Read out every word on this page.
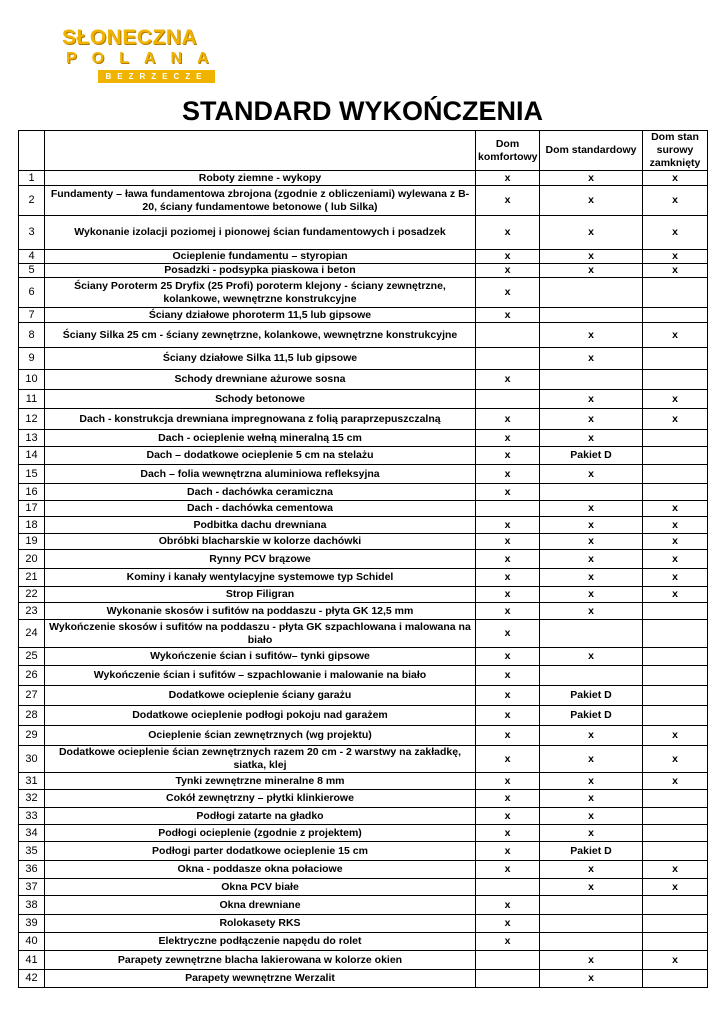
SŁONECZNA
POLANA
BEZRZECZE
STANDARD WYKOŃCZENIA
		Dom komfortowy	Dom standardowy	Dom stan surowy zamknięty
1	Roboty ziemne - wykopy	x	x	x
2	Fundamenty – ława fundamentowa zbrojona (zgodnie z obliczeniami) wylewana z B-20, ściany fundamentowe betonowe ( lub Silka)	x	x	x
3	Wykonanie izolacji poziomej i pionowej ścian fundamentowych i posadzek	x	x	x
4	Ocieplenie fundamentu – styropian	x	x	x
5	Posadzki - podsypka piaskowa i beton	x	x	x
6	Ściany Poroterm 25 Dryfix (25 Profi) poroterm klejony - ściany zewnętrzne, kolankowe, wewnętrzne konstrukcyjne	x		
7	Ściany działowe phoroterm 11,5 lub gipsowe	x		
8	Ściany Silka 25 cm - ściany zewnętrzne, kolankowe, wewnętrzne konstrukcyjne		x	x
9	Ściany działowe Silka 11,5 lub gipsowe		x	
10	Schody drewniane ażurowe sosna	x		
11	Schody betonowe		x	x
12	Dach - konstrukcja drewniana impregnowana z folią paraprzepuszczalną	x	x	x
13	Dach - ocieplenie wełną mineralną 15 cm	x	x	
14	Dach – dodatkowe ocieplenie 5 cm na stelażu	x	Pakiet D	
15	Dach – folia wewnętrzna aluminiowa refleksyjna	x	x	
16	Dach - dachówka ceramiczna	x		
17	Dach - dachówka cementowa		x	x
18	Podbitka dachu drewniana	x	x	x
19	Obróbki blacharskie w kolorze dachówki	x	x	x
20	Rynny PCV brązowe	x	x	x
21	Kominy i kanały wentylacyjne systemowe typ Schidel	x	x	x
22	Strop Filigran	x	x	x
23	Wykonanie skosów i sufitów na poddaszu - płyta GK 12,5 mm	x	x	
24	Wykończenie skosów i sufitów na poddaszu - płyta GK szpachlowana i malowana na biało	x		
25	Wykończenie ścian i sufitów– tynki gipsowe	x	x	
26	Wykończenie ścian i sufitów – szpachlowanie i malowanie na biało	x		
27	Dodatkowe ocieplenie ściany garażu	x	Pakiet D	
28	Dodatkowe ocieplenie podłogi pokoju nad garażem	x	Pakiet D	
29	Ocieplenie ścian zewnętrznych (wg projektu)	x	x	x
30	Dodatkowe ocieplenie ścian zewnętrznych razem 20 cm - 2 warstwy na zakładkę, siatka, klej	x	x	x
31	Tynki zewnętrzne mineralne 8 mm	x	x	x
32	Cokół zewnętrzny – płytki klinkierowe	x	x	
33	Podłogi zatarte na gładko	x	x	
34	Podłogi ocieplenie (zgodnie z projektem)	x	x	
35	Podłogi parter dodatkowe ocieplenie 15 cm	x	Pakiet D	
36	Okna - poddasze okna połaciowe	x	x	x
37	Okna PCV białe		x	x
38	Okna drewniane	x		
39	Rolokasety RKS	x		
40	Elektryczne podłączenie napędu do rolet	x		
41	Parapety zewnętrzne blacha lakierowana w kolorze okien		x	x
42	Parapety wewnętrzne Werzalit		x	
